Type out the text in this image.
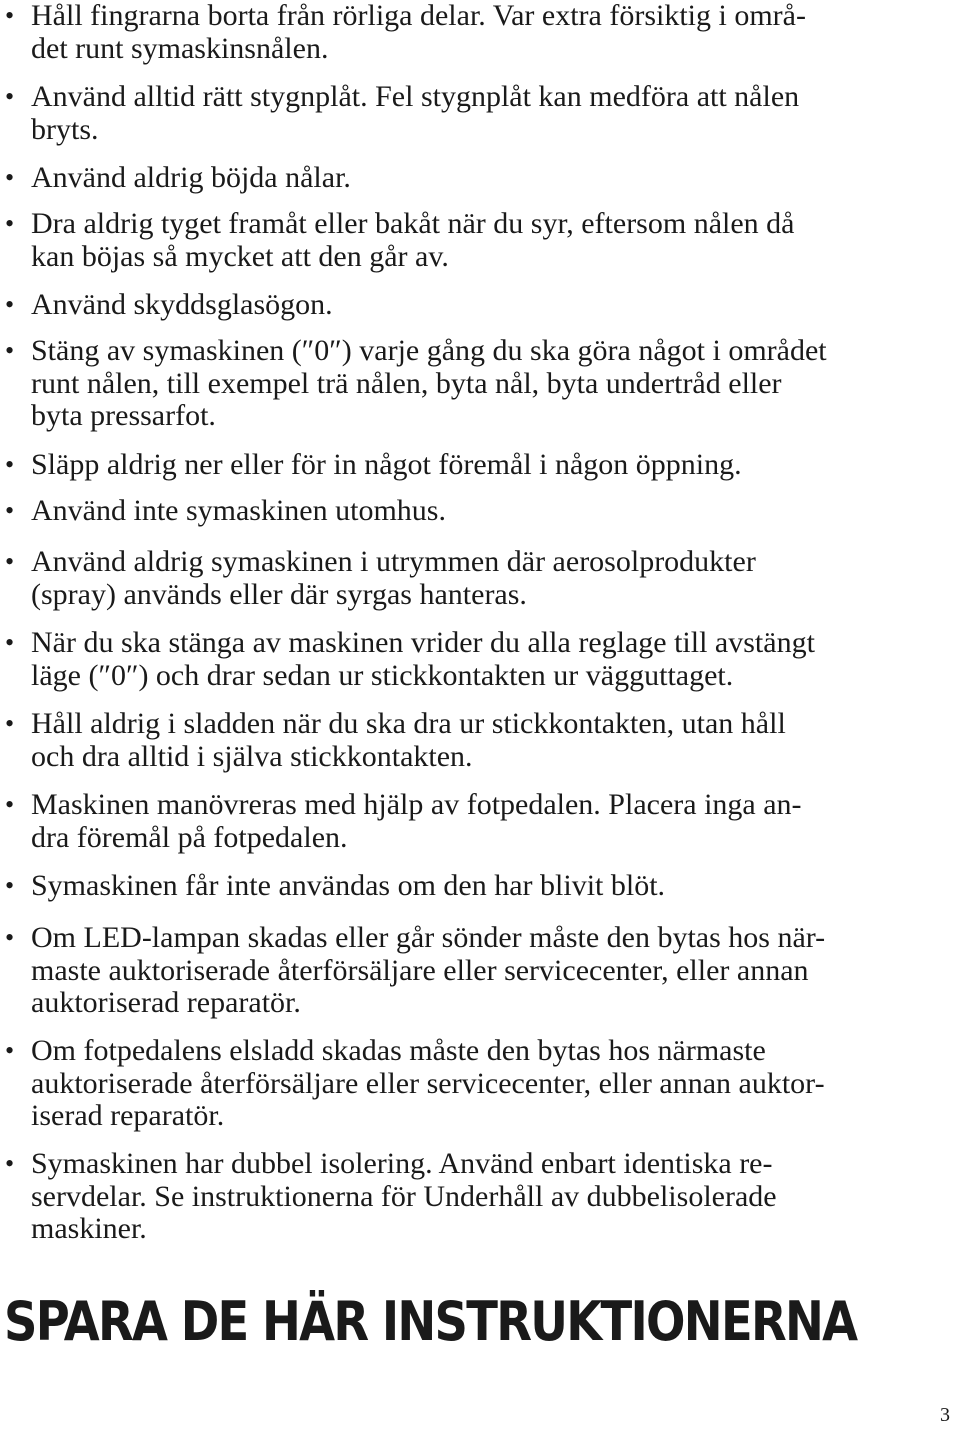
• Håll fingrarna borta från rörliga delar. Var extra försiktig i områ-
det runt symaskinsnålen.
• Använd alltid rätt stygnplåt. Fel stygnplåt kan medföra att nålen
bryts.
• Använd aldrig böjda nålar.
• Dra aldrig tyget framåt eller bakåt när du syr, eftersom nålen då
kan böjas så mycket att den går av.
• Använd skyddsglasögon.
• Stäng av symaskinen (″0″) varje gång du ska göra något i området
runt nålen, till exempel trä nålen, byta nål, byta undertråd eller
byta pressarfot.
• Släpp aldrig ner eller för in något föremål i någon öppning.
• Använd inte symaskinen utomhus.
• Använd aldrig symaskinen i utrymmen där aerosolprodukter
(spray) används eller där syrgas hanteras.
• När du ska stänga av maskinen vrider du alla reglage till avstängt
läge (″0″) och drar sedan ur stickkontakten ur vägguttaget.
• Håll aldrig i sladden när du ska dra ur stickkontakten, utan håll
och dra alltid i själva stickkontakten.
• Maskinen manövreras med hjälp av fotpedalen. Placera inga an-
dra föremål på fotpedalen.
• Symaskinen får inte användas om den har blivit blöt.
• Om LED-lampan skadas eller går sönder måste den bytas hos när-
maste auktoriserade återförsäljare eller servicecenter, eller annan
auktoriserad reparatör.
• Om fotpedalens elsladd skadas måste den bytas hos närmaste
auktoriserade återförsäljare eller servicecenter, eller annan auktor-
iserad reparatör.
• Symaskinen har dubbel isolering. Använd enbart identiska re-
servdelar. Se instruktionerna för Underhåll av dubbelisolerade
maskiner.
SPARA DE HÄR INSTRUKTIONERNA
3
